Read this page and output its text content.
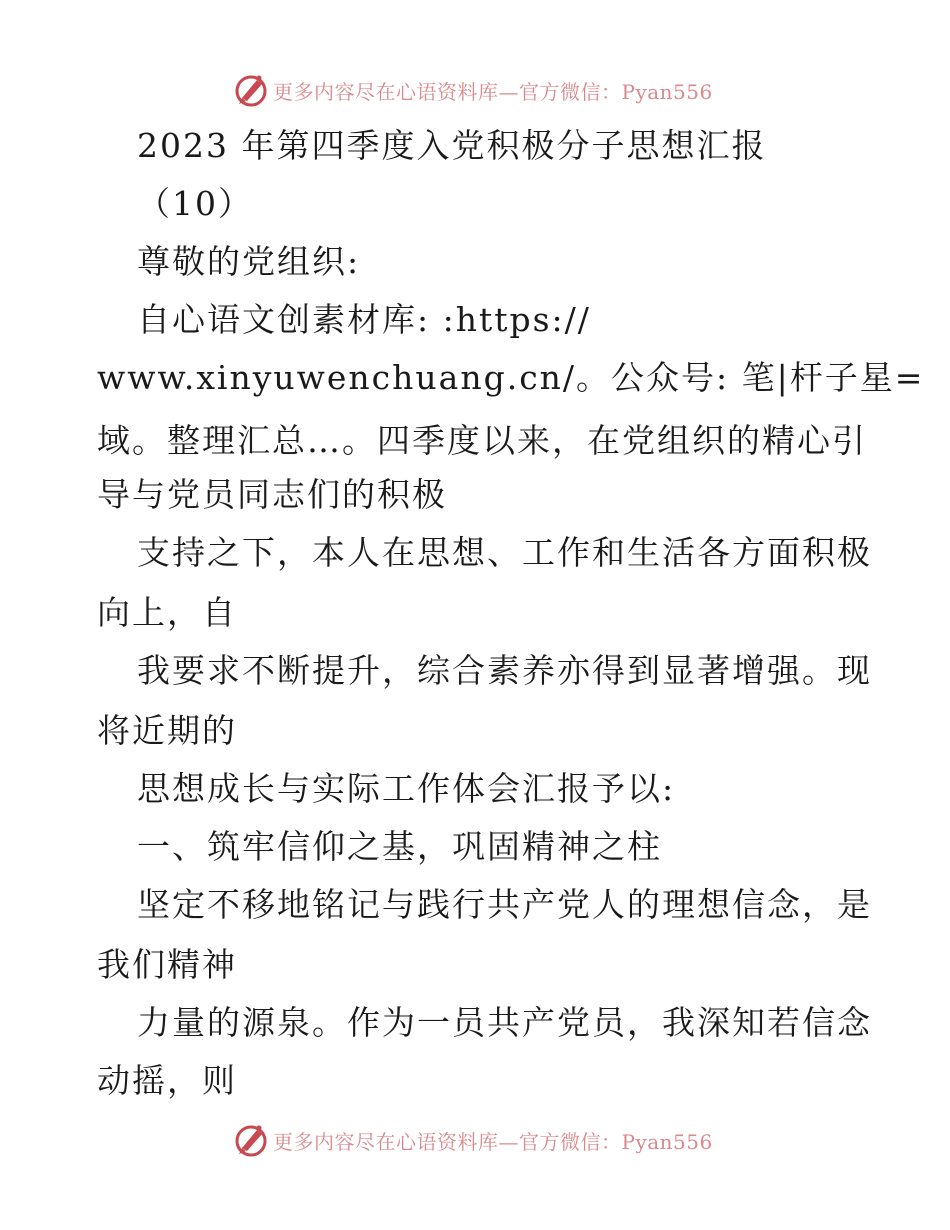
更多内容尽在心语资料库—官方微信：Pyan556
2023 年第四季度入党积极分子思想汇报
（10）
尊敬的党组织:
自心语文创素材库: :https://
www.xinyuwenchuang.cn/。公众号: 笔|杆子星=
域。整理汇总…。四季度以来，在党组织的精心引
导与党员同志们的积极
支持之下，本人在思想、工作和生活各方面积极
向上，自
我要求不断提升，综合素养亦得到显著增强。现
将近期的
思想成长与实际工作体会汇报予以:
一、筑牢信仰之基，巩固精神之柱
坚定不移地铭记与践行共产党人的理想信念，是
我们精神
力量的源泉。作为一员共产党员，我深知若信念
动摇，则
更多内容尽在心语资料库—官方微信：Pyan556
